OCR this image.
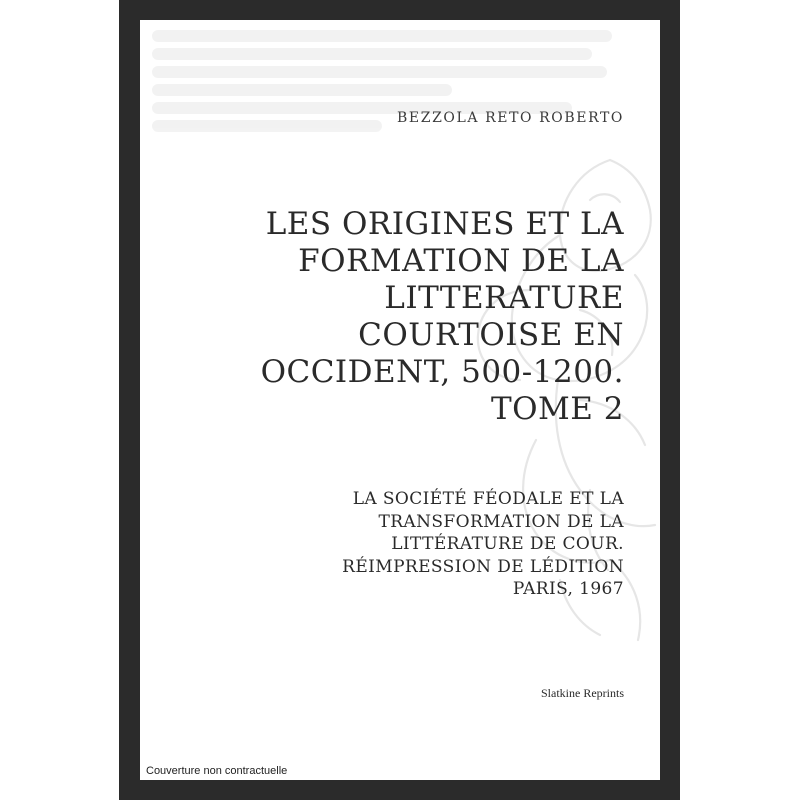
BEZZOLA RETO ROBERTO
LES ORIGINES ET LA
FORMATION DE LA
LITTERATURE
COURTOISE EN
OCCIDENT, 500-1200.
TOME 2
LA SOCIÉTÉ FÉODALE ET LA
TRANSFORMATION DE LA
LITTÉRATURE DE COUR.
RÉIMPRESSION DE LÉDITION
PARIS, 1967
Slatkine Reprints
Couverture non contractuelle
